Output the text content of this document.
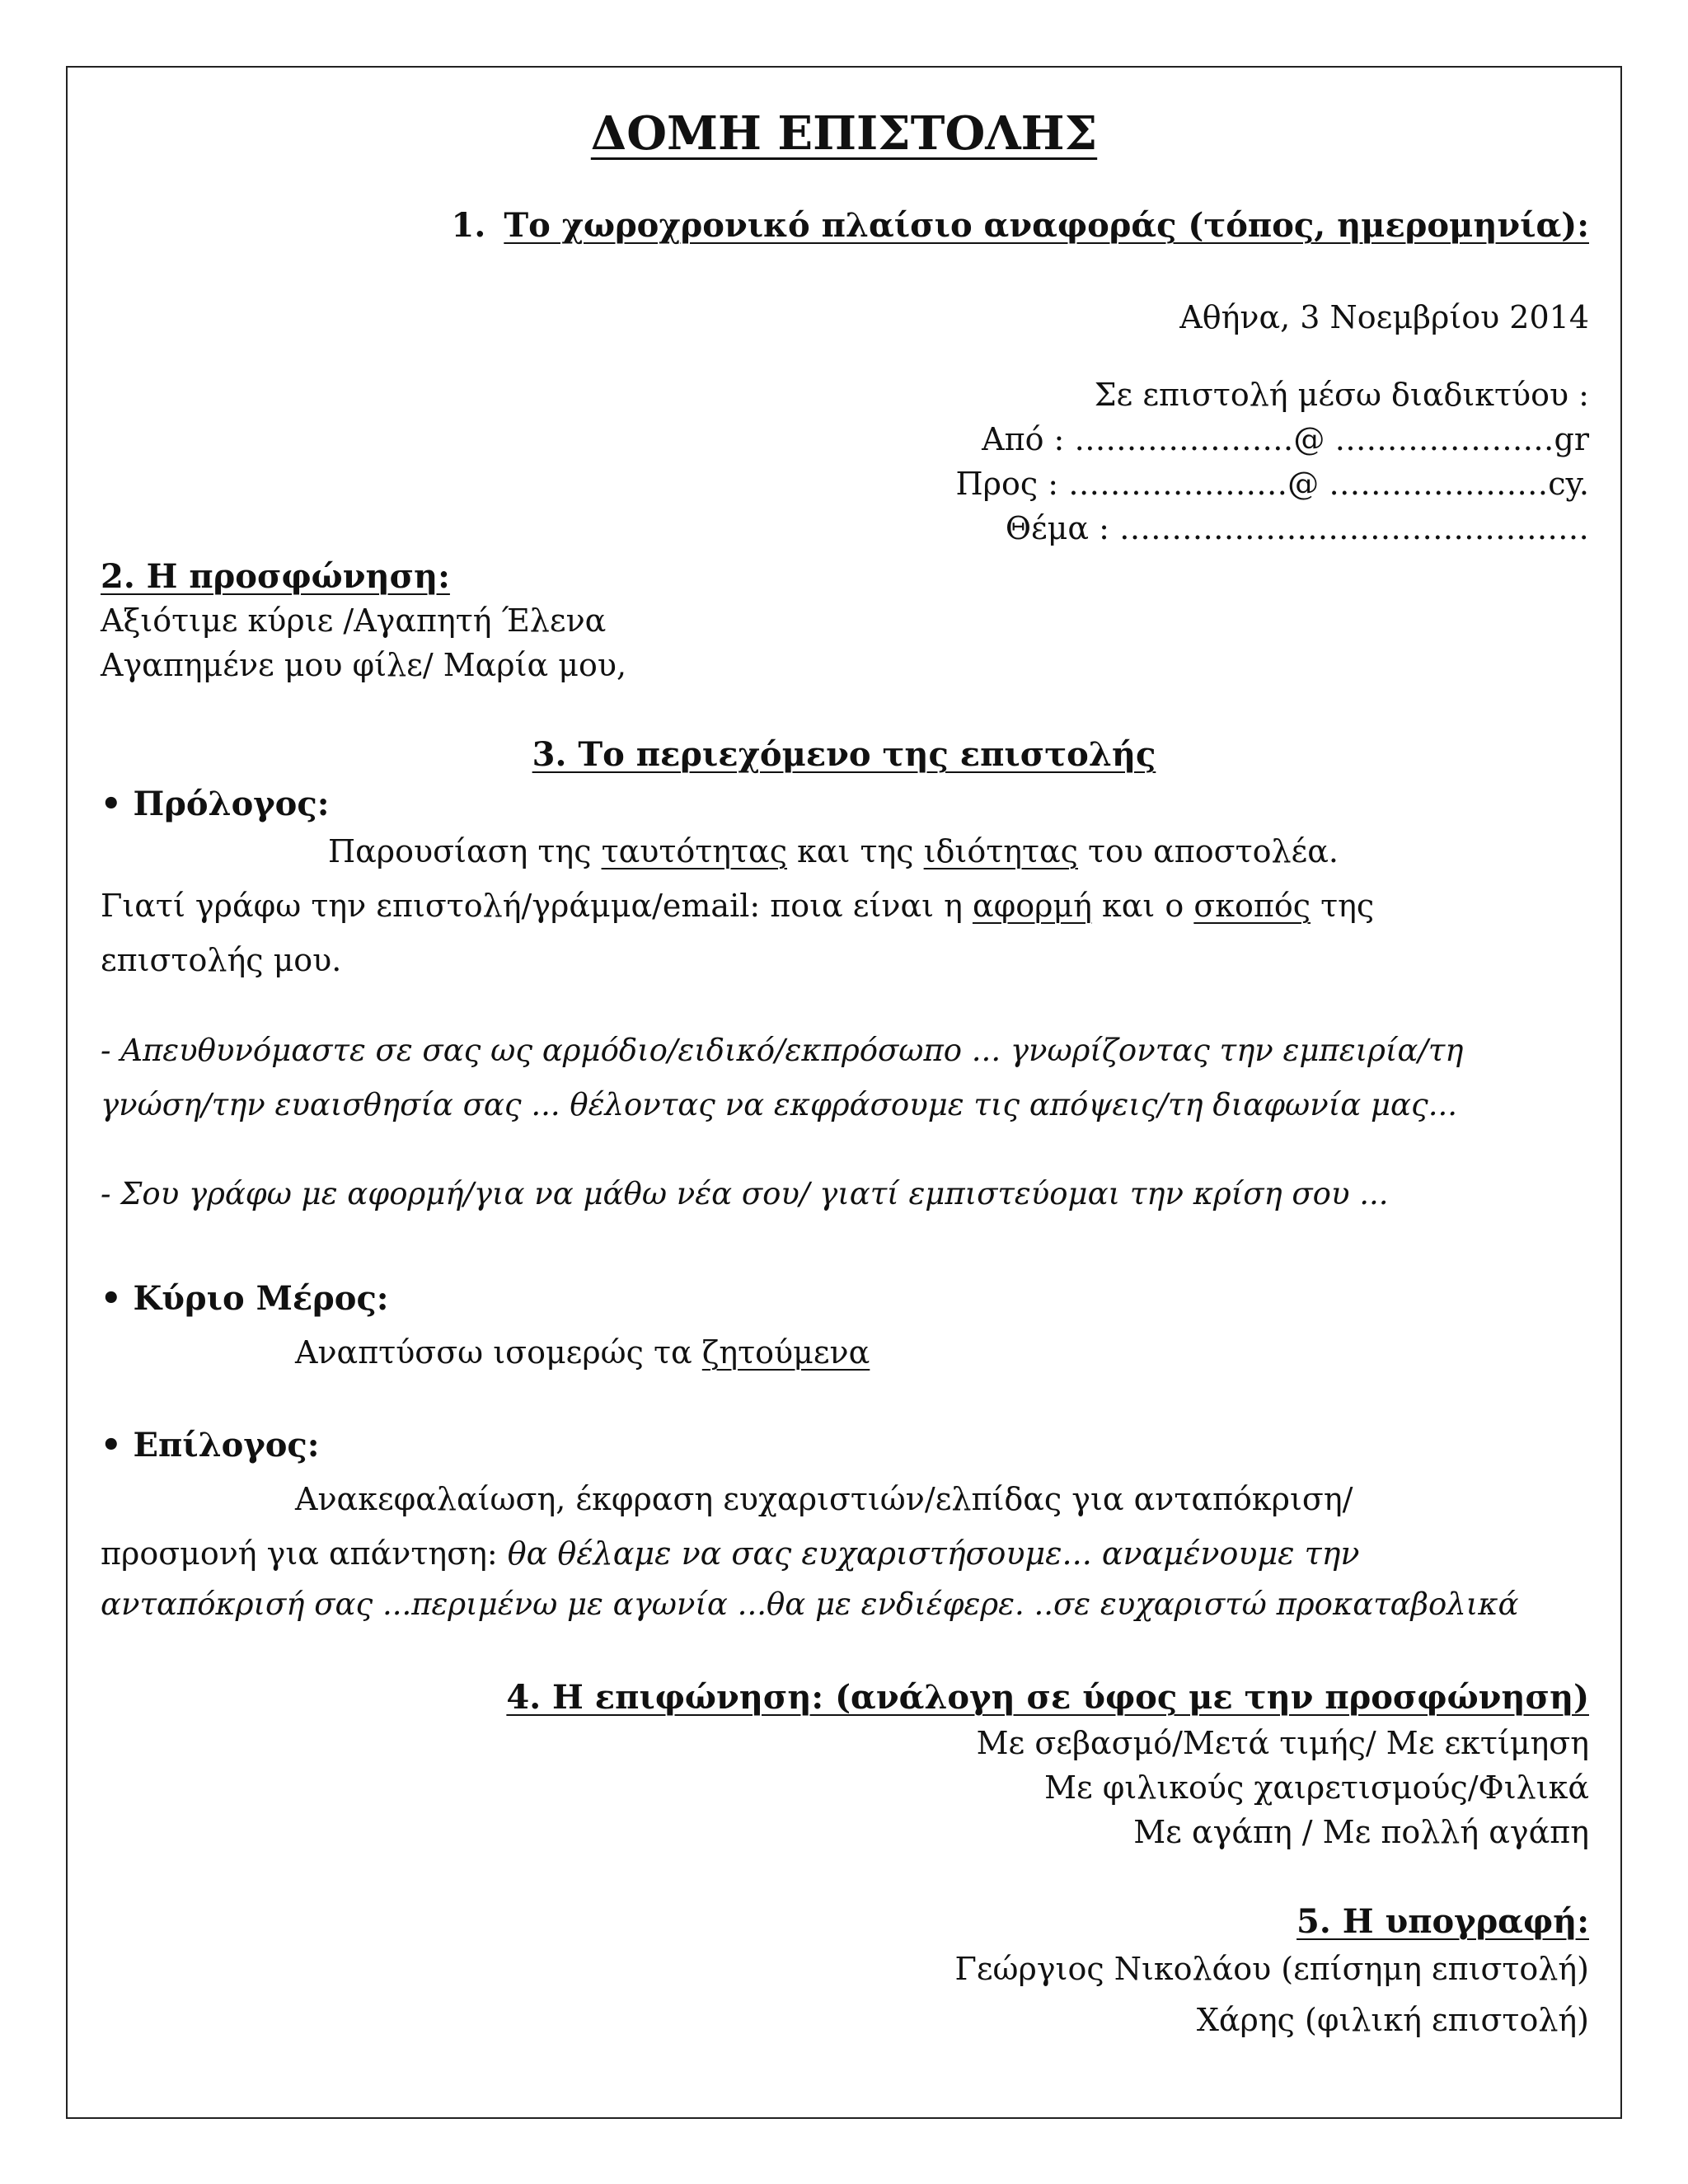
ΔΟΜΗ ΕΠΙΣΤΟΛΗΣ
1. Το χωροχρονικό πλαίσιο αναφοράς (τόπος, ημερομηνία):
Αθήνα, 3 Νοεμβρίου 2014
Σε επιστολή μέσω διαδικτύου :
Από : …………………@ …………………gr
Προς : …………………@ …………………cy.
Θέμα : ………………………………………
2. Η προσφώνηση:
Αξιότιμε κύριε /Αγαπητή Έλενα
Αγαπημένε μου φίλε/ Μαρία μου,
3. Το περιεχόμενο της επιστολής
• Πρόλογος:
Παρουσίαση της ταυτότητας και της ιδιότητας του αποστολέα.
Γιατί γράφω την επιστολή/γράμμα/email: ποια είναι η αφορμή και ο σκοπός της
επιστολής μου.
- Απευθυνόμαστε σε σας ως αρμόδιο/ειδικό/εκπρόσωπο ... γνωρίζοντας την εμπειρία/τη
γνώση/την ευαισθησία σας ... θέλοντας να εκφράσουμε τις απόψεις/τη διαφωνία μας...
- Σου γράφω με αφορμή/για να μάθω νέα σου/ γιατί εμπιστεύομαι την κρίση σου ...
• Κύριο Μέρος:
Αναπτύσσω ισομερώς τα ζητούμενα
• Επίλογος:
Ανακεφαλαίωση, έκφραση ευχαριστιών/ελπίδας για ανταπόκριση/
προσμονή για απάντηση: θα θέλαμε να σας ευχαριστήσουμε... αναμένουμε την
ανταπόκρισή σας ...περιμένω με αγωνία ...θα με ενδιέφερε. ..σε ευχαριστώ προκαταβολικά
4. Η επιφώνηση: (ανάλογη σε ύφος με την προσφώνηση)
Με σεβασμό/Μετά τιμής/ Με εκτίμηση
Με φιλικούς χαιρετισμούς/Φιλικά
Με αγάπη / Με πολλή αγάπη
5. Η υπογραφή:
Γεώργιος Νικολάου (επίσημη επιστολή)
Χάρης (φιλική επιστολή)
